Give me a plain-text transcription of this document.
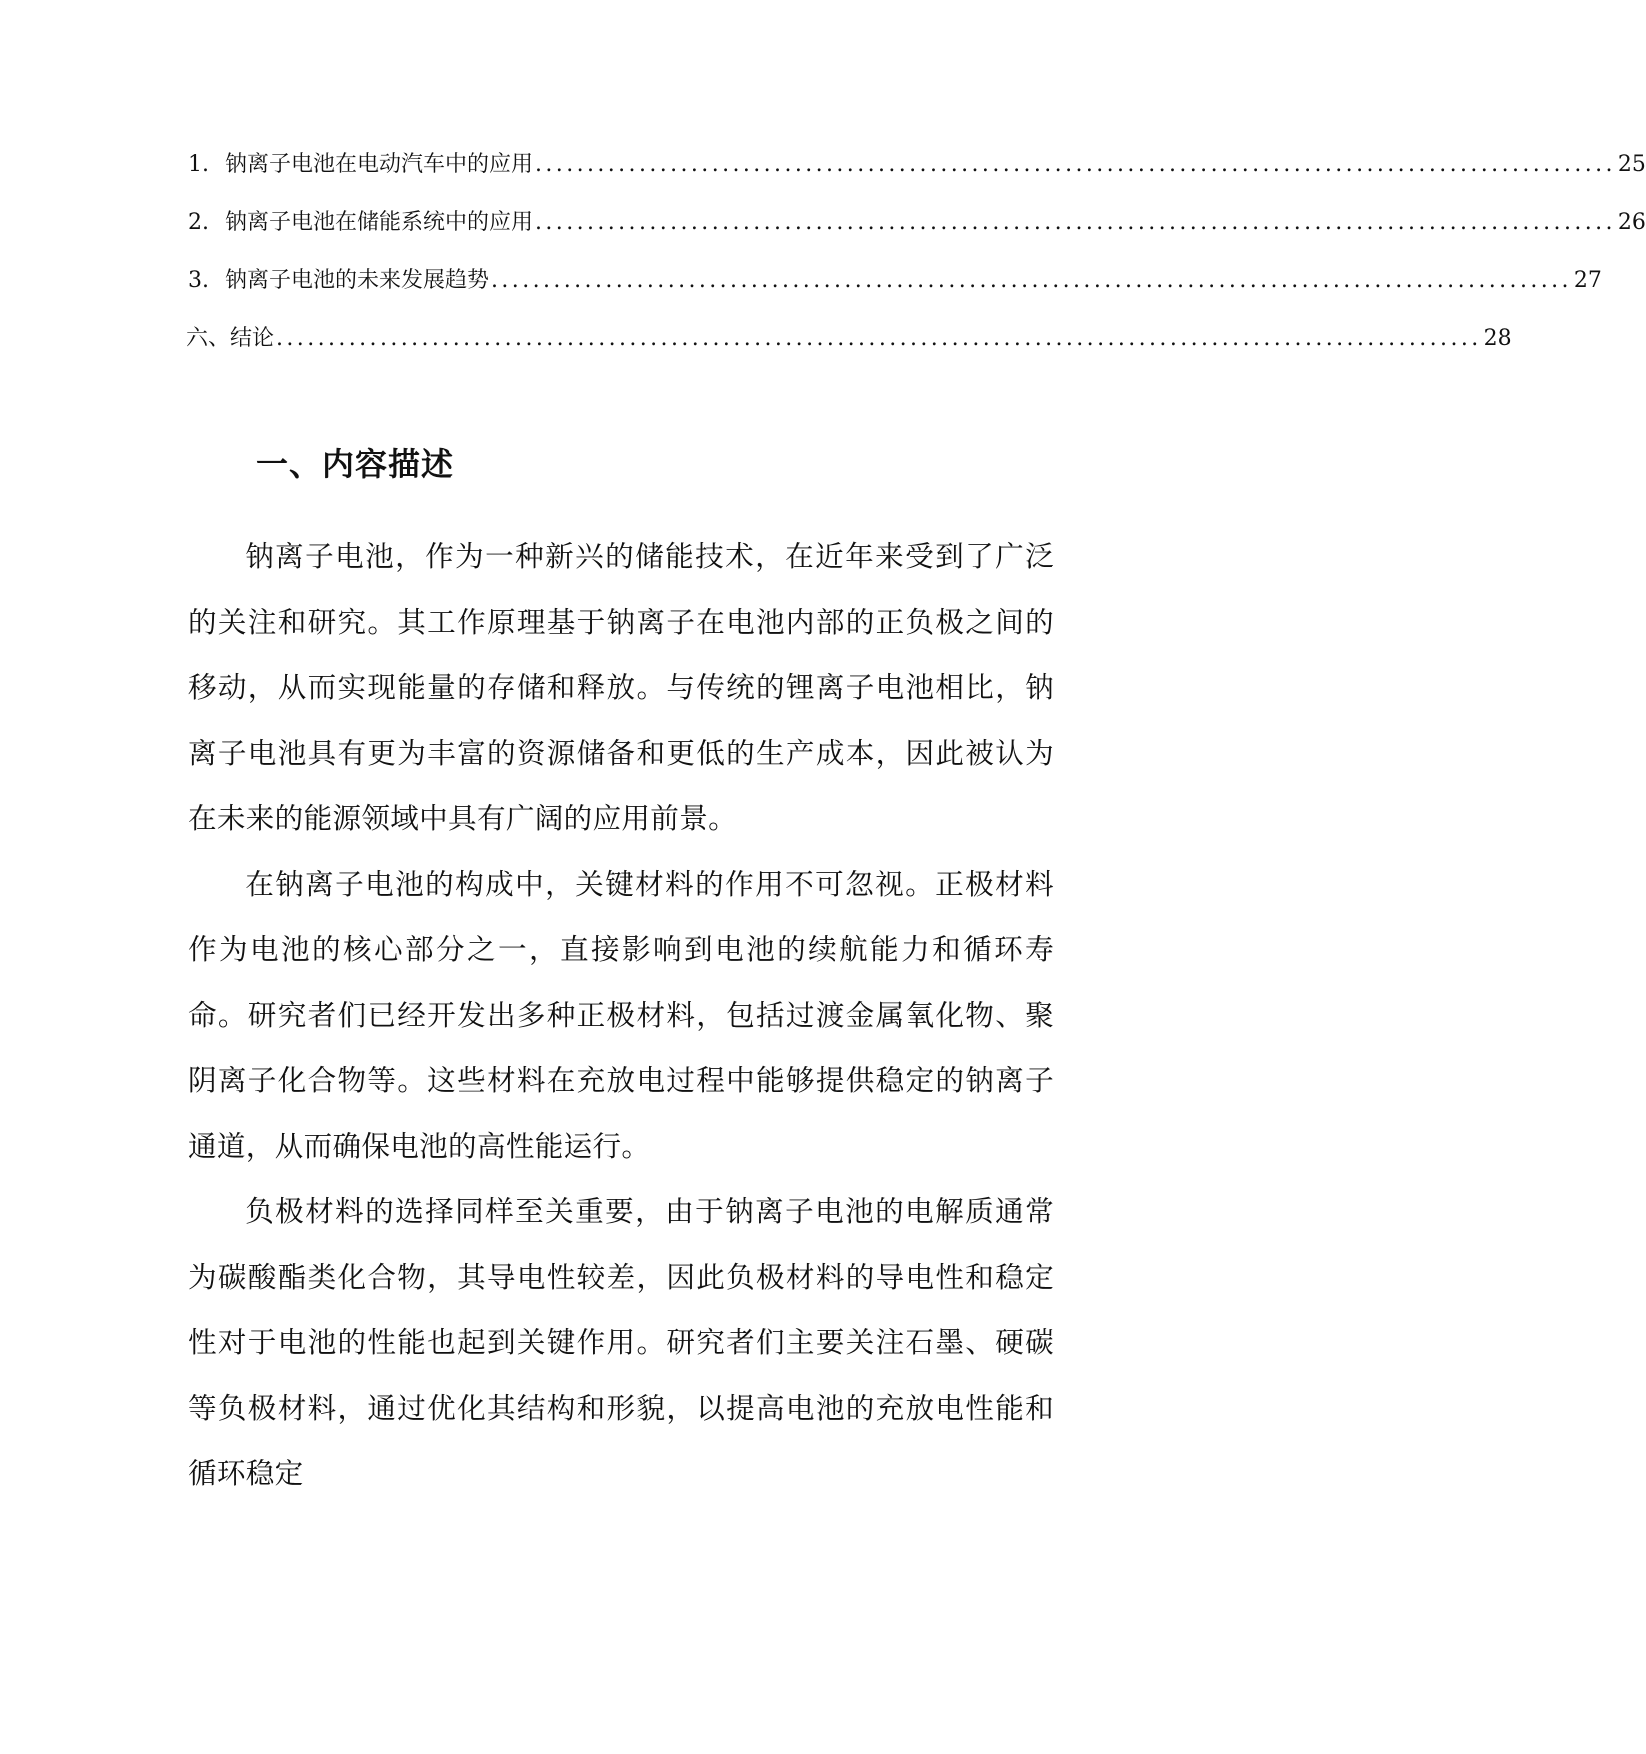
1. 钠离子电池在电动汽车中的应用 ........................................................................................................ 25
2. 钠离子电池在储能系统中的应用 ........................................................................................................ 26
3. 钠离子电池的未来发展趋势 ........................................................................................................ 27
六、结论 .................................................................................................................... 28
一、内容描述

钠离子电池，作为一种新兴的储能技术，在近年来受到了广泛的关注和研究。其工作原理基于钠离子在电池内部的正负极之间的移动，从而实现能量的存储和释放。与传统的锂离子电池相比，钠离子电池具有更为丰富的资源储备和更低的生产成本，因此被认为在未来的能源领域中具有广阔的应用前景。

在钠离子电池的构成中，关键材料的作用不可忽视。正极材料作为电池的核心部分之一，直接影响到电池的续航能力和循环寿命。研究者们已经开发出多种正极材料，包括过渡金属氧化物、聚阴离子化合物等。这些材料在充放电过程中能够提供稳定的钠离子通道，从而确保电池的高性能运行。

负极材料的选择同样至关重要，由于钠离子电池的电解质通常为碳酸酯类化合物，其导电性较差，因此负极材料的导电性和稳定性对于电池的性能也起到关键作用。研究者们主要关注石墨、硬碳等负极材料，通过优化其结构和形貌，以提高电池的充放电性能和循环稳定
